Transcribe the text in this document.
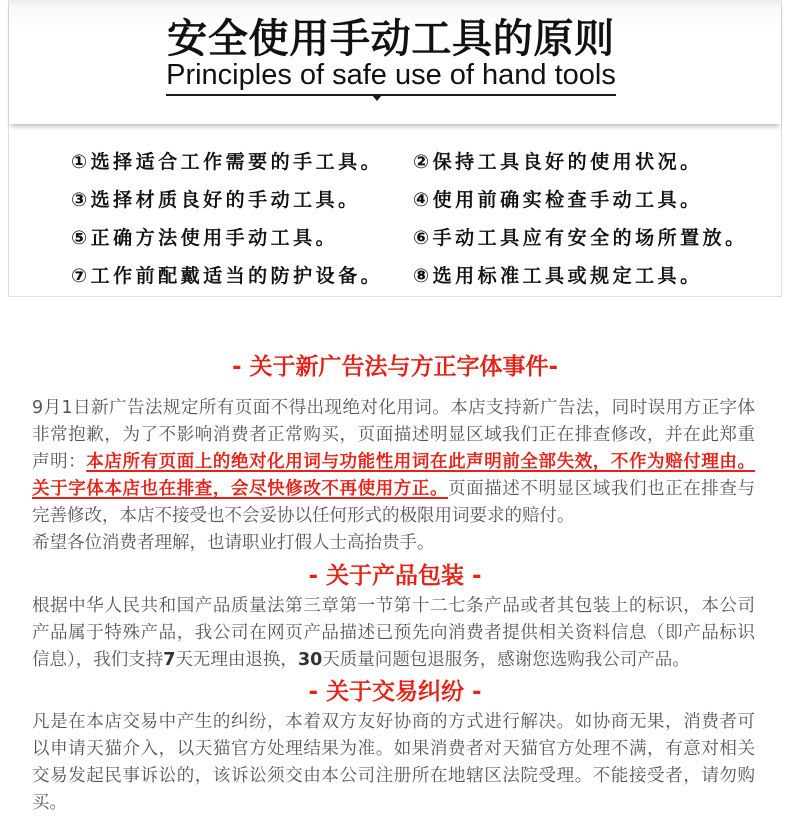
安全使用手动工具的原则
Principles of safe use of hand tools
①选择适合工作需要的手工具。	②保持工具良好的使用状况。
③选择材质良好的手动工具。	④使用前确实检查手动工具。
⑤正确方法使用手动工具。	⑥手动工具应有安全的场所置放。
⑦工作前配戴适当的防护设备。	⑧选用标准工具或规定工具。
- 关于新广告法与方正字体事件-
9月1日新广告法规定所有页面不得出现绝对化用词。本店支持新广告法，同时误用方正字体
非常抱歉，为了不影响消费者正常购买，页面描述明显区域我们正在排查修改，并在此郑重
声明：本店所有页面上的绝对化用词与功能性用词在此声明前全部失效，不作为赔付理由。
关于字体本店也在排查，会尽快修改不再使用方正。页面描述不明显区域我们也正在排查与
完善修改，本店不接受也不会妥协以任何形式的极限用词要求的赔付。
希望各位消费者理解，也请职业打假人士高抬贵手。
- 关于产品包装 -
根据中华人民共和国产品质量法第三章第一节第十二七条产品或者其包装上的标识，本公司
产品属于特殊产品，我公司在网页产品描述已预先向消费者提供相关资料信息（即产品标识
信息），我们支持7天无理由退换，30天质量问题包退服务，感谢您选购我公司产品。
- 关于交易纠纷 -
凡是在本店交易中产生的纠纷，本着双方友好协商的方式进行解决。如协商无果，消费者可
以申请天猫介入，以天猫官方处理结果为准。如果消费者对天猫官方处理不满，有意对相关
交易发起民事诉讼的，该诉讼须交由本公司注册所在地辖区法院受理。不能接受者，请勿购
买。
